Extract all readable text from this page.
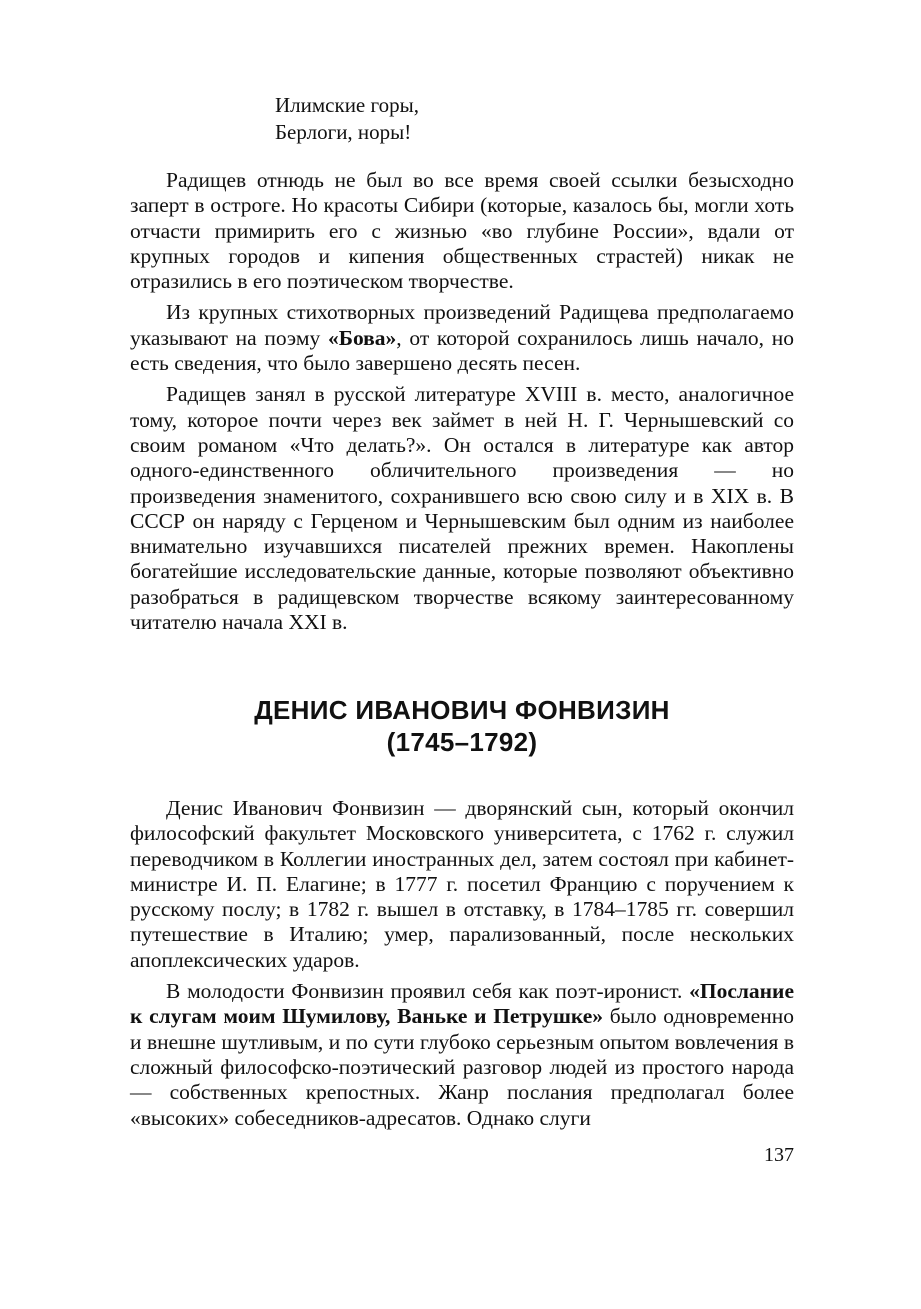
Илимские горы,
Берлоги, норы!

Радищев отнюдь не был во все время своей ссылки безысходно заперт в остроге. Но красоты Сибири (которые, казалось бы, могли хоть отчасти примирить его с жизнью «во глубине России», вдали от крупных городов и кипения общественных страстей) никак не отразились в его поэтическом творчестве.

Из крупных стихотворных произведений Радищева предполагаемо указывают на поэму «Бова», от которой сохранилось лишь начало, но есть сведения, что было завершено десять песен.

Радищев занял в русской литературе XVIII в. место, аналогичное тому, которое почти через век займет в ней Н. Г. Чернышевский со своим романом «Что делать?». Он остался в литературе как автор одного-единственного обличительного произведения — но произведения знаменитого, сохранившего всю свою силу и в XIX в. В СССР он наряду с Герценом и Чернышевским был одним из наиболее внимательно изучавшихся писателей прежних времен. Накоплены богатейшие исследовательские данные, которые позволяют объективно разобраться в радищевском творчестве всякому заинтересованному читателю начала XXI в.

ДЕНИС ИВАНОВИЧ ФОНВИЗИН
(1745–1792)

Денис Иванович Фонвизин — дворянский сын, который окончил философский факультет Московского университета, с 1762 г. служил переводчиком в Коллегии иностранных дел, затем состоял при кабинет-министре И. П. Елагине; в 1777 г. посетил Францию с поручением к русскому послу; в 1782 г. вышел в отставку, в 1784–1785 гг. совершил путешествие в Италию; умер, парализованный, после нескольких апоплексических ударов.

В молодости Фонвизин проявил себя как поэт-иронист. «Послание к слугам моим Шумилову, Ваньке и Петрушке» было одновременно и внешне шутливым, и по сути глубоко серьезным опытом вовлечения в сложный философско-поэтический разговор людей из простого народа — собственных крепостных. Жанр послания предполагал более «высоких» собеседников-адресатов. Однако слуги

137
